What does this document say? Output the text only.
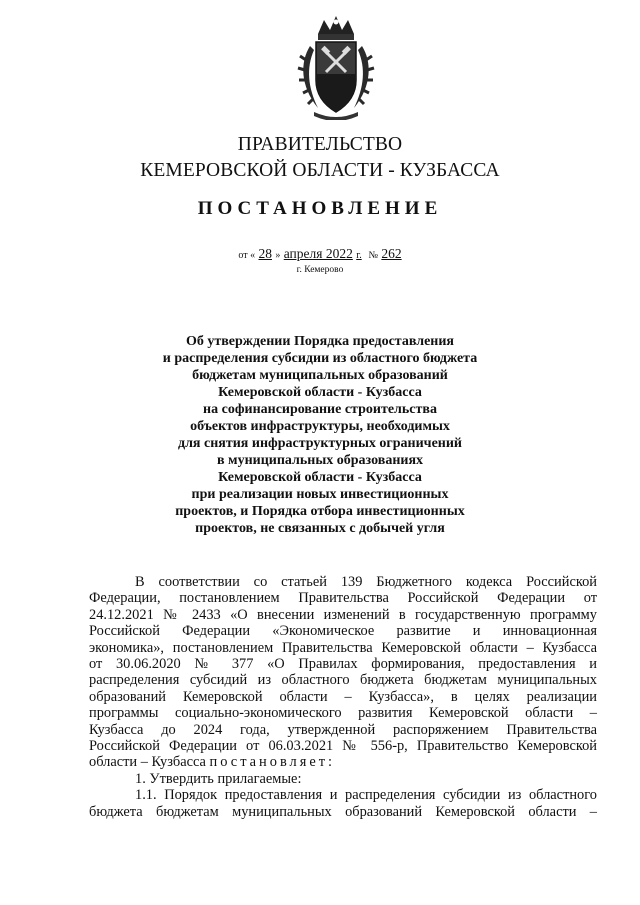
ПРАВИТЕЛЬСТВО
КЕМЕРОВСКОЙ ОБЛАСТИ - КУЗБАССА
ПОСТАНОВЛЕНИЕ
от « 28 » апреля 2022 г. № 262
г. Кемерово
Об утверждении Порядка предоставления
и распределения субсидии из областного бюджета
бюджетам муниципальных образований
Кемеровской области - Кузбасса
на софинансирование строительства
объектов инфраструктуры, необходимых
для снятия инфраструктурных ограничений
в муниципальных образованиях
Кемеровской области - Кузбасса
при реализации новых инвестиционных
проектов, и Порядка отбора инвестиционных
проектов, не связанных с добычей угля

В соответствии со статьей 139 Бюджетного кодекса Российской

Федерации, постановлением Правительства Российской Федерации от

24.12.2021 № 2433 «О внесении изменений в государственную программу

Российской Федерации «Экономическое развитие и инновационная

экономика», постановлением Правительства Кемеровской области – Кузбасса

от 30.06.2020 № 377 «О Правилах формирования, предоставления и

распределения субсидий из областного бюджета бюджетам муниципальных

образований Кемеровской области – Кузбасса», в целях реализации

программы социально-экономического развития Кемеровской области –

Кузбасса до 2024 года, утвержденной распоряжением Правительства

Российской Федерации от 06.03.2021 № 556-р, Правительство Кемеровской

области – Кузбасса постановляет:

1. Утвердить прилагаемые:

1.1. Порядок предоставления и распределения субсидии из областного

бюджета бюджетам муниципальных образований Кемеровской области –
